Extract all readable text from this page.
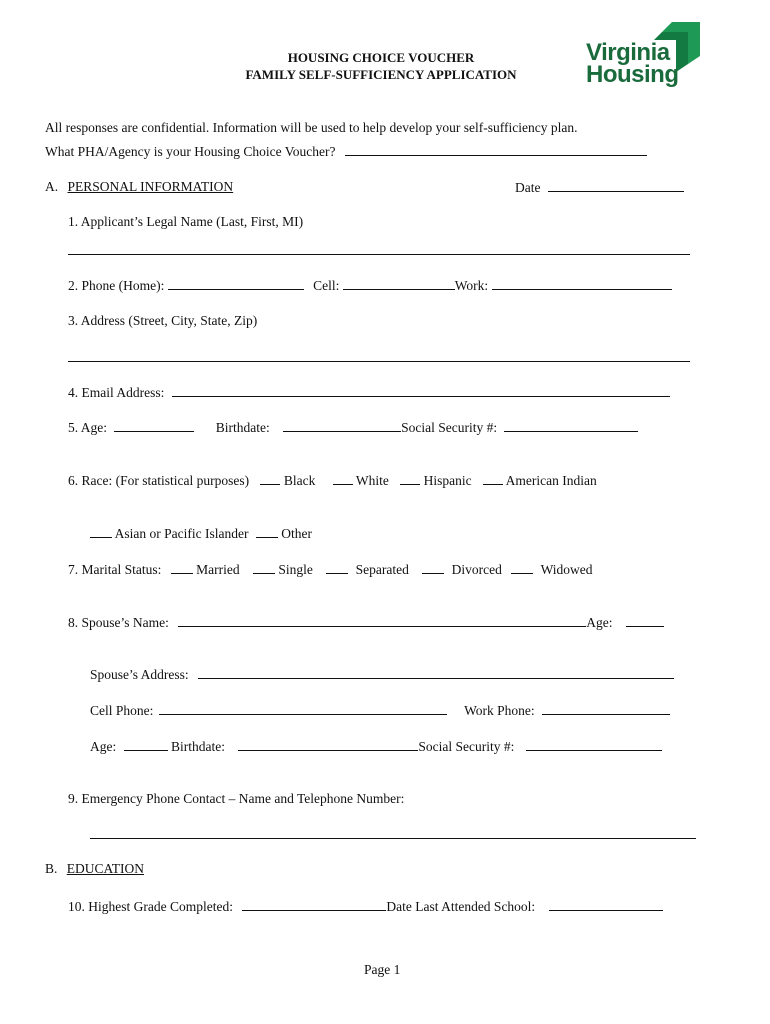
HOUSING CHOICE VOUCHER
FAMILY SELF-SUFFICIENCY APPLICATION
Virginia
Housing
All responses are confidential. Information will be used to help develop your self-sufficiency plan.
What PHA/Agency is your Housing Choice Voucher?
A. PERSONAL INFORMATION	Date
1. Applicant’s Legal Name (Last, First, MI)
2. Phone (Home):	Cell:	Work:
3. Address (Street, City, State, Zip)
4. Email Address:
5. Age:	Birthdate:	Social Security #:
6. Race: (For statistical purposes)	Black	White	Hispanic	American Indian
Asian or Pacific Islander Other
7. Marital Status:	Married	Single	Separated	Divorced	Widowed
8. Spouse’s Name:	Age:
Spouse’s Address:
Cell Phone:	Work Phone:
Age:	Birthdate:	Social Security #:
9. Emergency Phone Contact – Name and Telephone Number:
B. EDUCATION
10. Highest Grade Completed:	Date Last Attended School:
Page 1
